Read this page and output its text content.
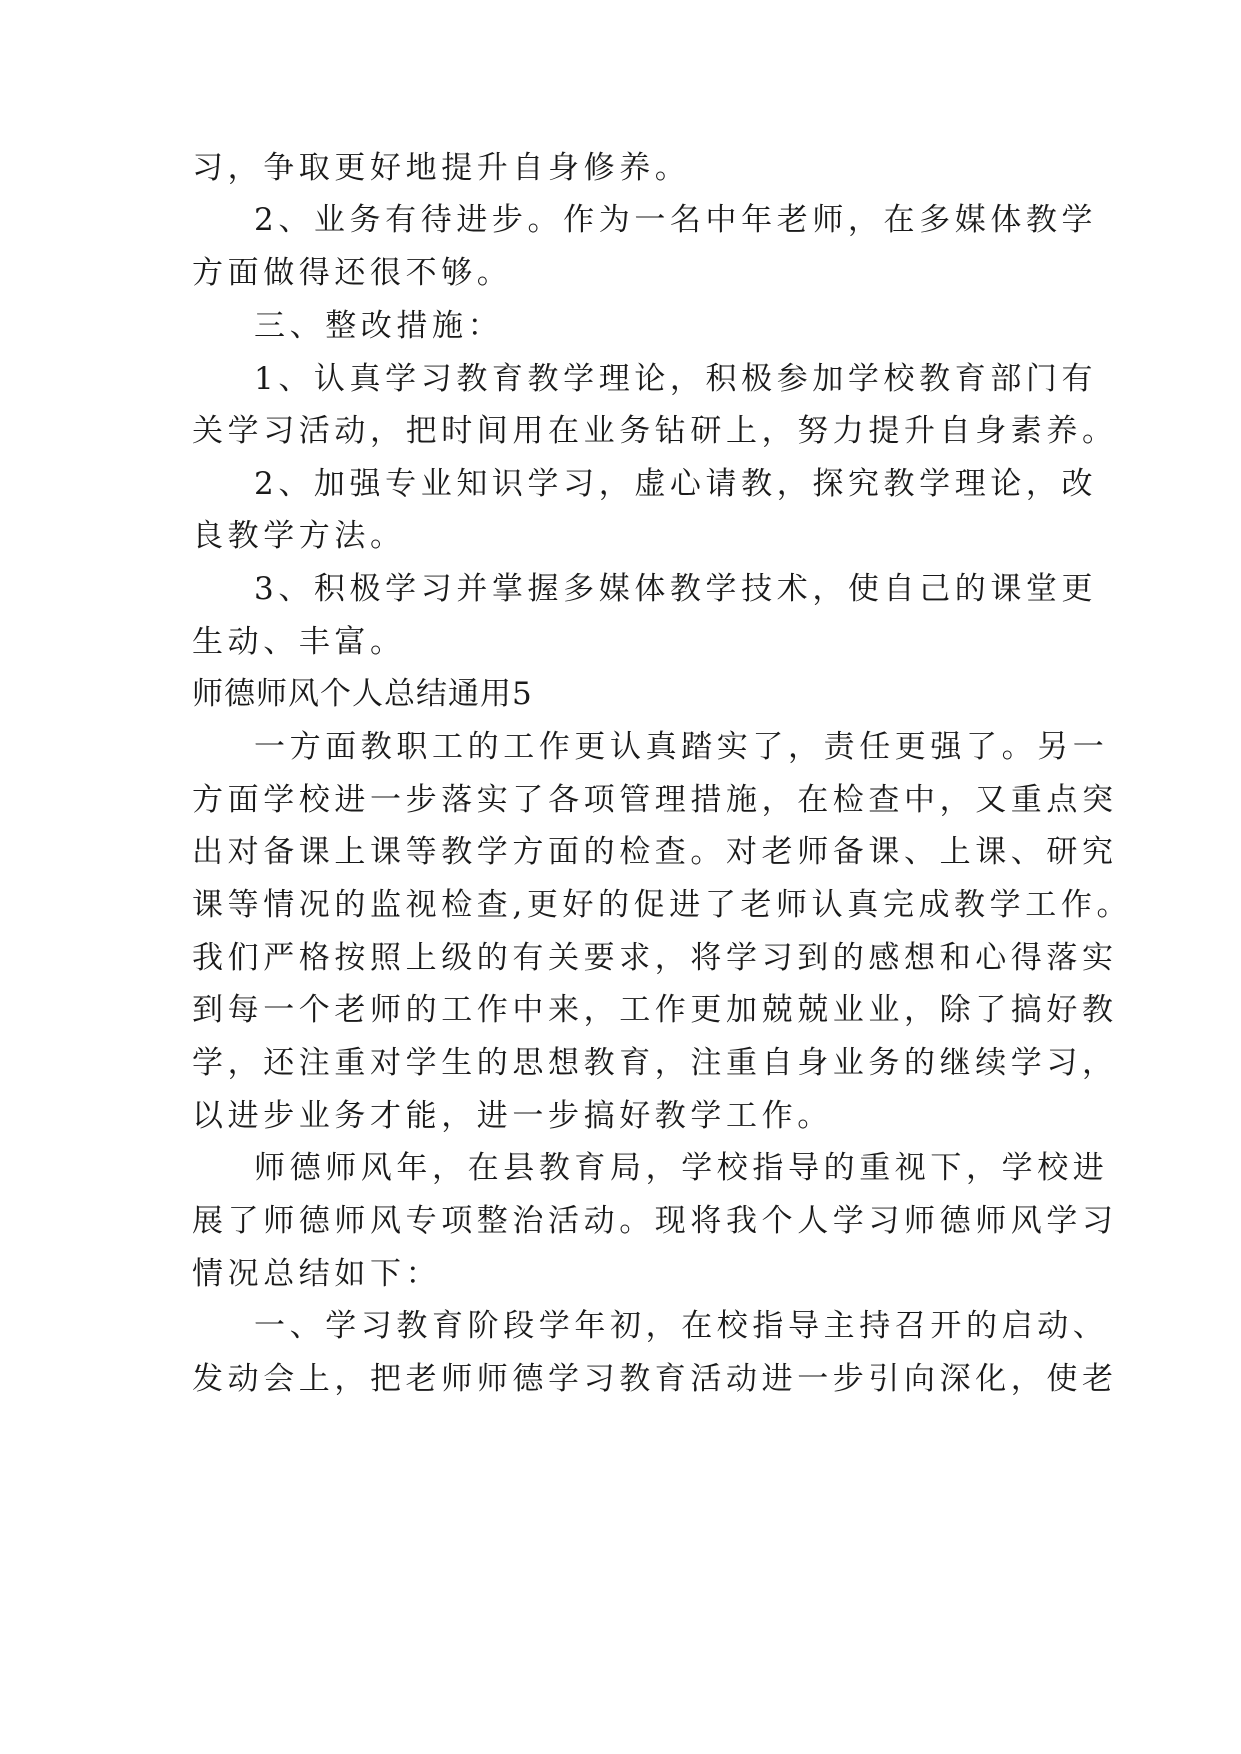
习，争取更好地提升自身修养。
2、业务有待进步。作为一名中年老师，在多媒体教学
方面做得还很不够。
三、整改措施：
1、认真学习教育教学理论，积极参加学校教育部门有
关学习活动，把时间用在业务钻研上，努力提升自身素养。
2、加强专业知识学习，虚心请教，探究教学理论，改
良教学方法。
3、积极学习并掌握多媒体教学技术，使自己的课堂更
生动、丰富。
师德师风个人总结通用5
一方面教职工的工作更认真踏实了，责任更强了。另一
方面学校进一步落实了各项管理措施，在检查中，又重点突
出对备课上课等教学方面的检查。对老师备课、上课、研究
课等情况的监视检查,更好的促进了老师认真完成教学工作。
我们严格按照上级的有关要求，将学习到的感想和心得落实
到每一个老师的工作中来，工作更加兢兢业业，除了搞好教
学，还注重对学生的思想教育，注重自身业务的继续学习，
以进步业务才能，进一步搞好教学工作。
师德师风年，在县教育局，学校指导的重视下，学校进
展了师德师风专项整治活动。现将我个人学习师德师风学习
情况总结如下：
一、学习教育阶段学年初，在校指导主持召开的启动、
发动会上，把老师师德学习教育活动进一步引向深化，使老
